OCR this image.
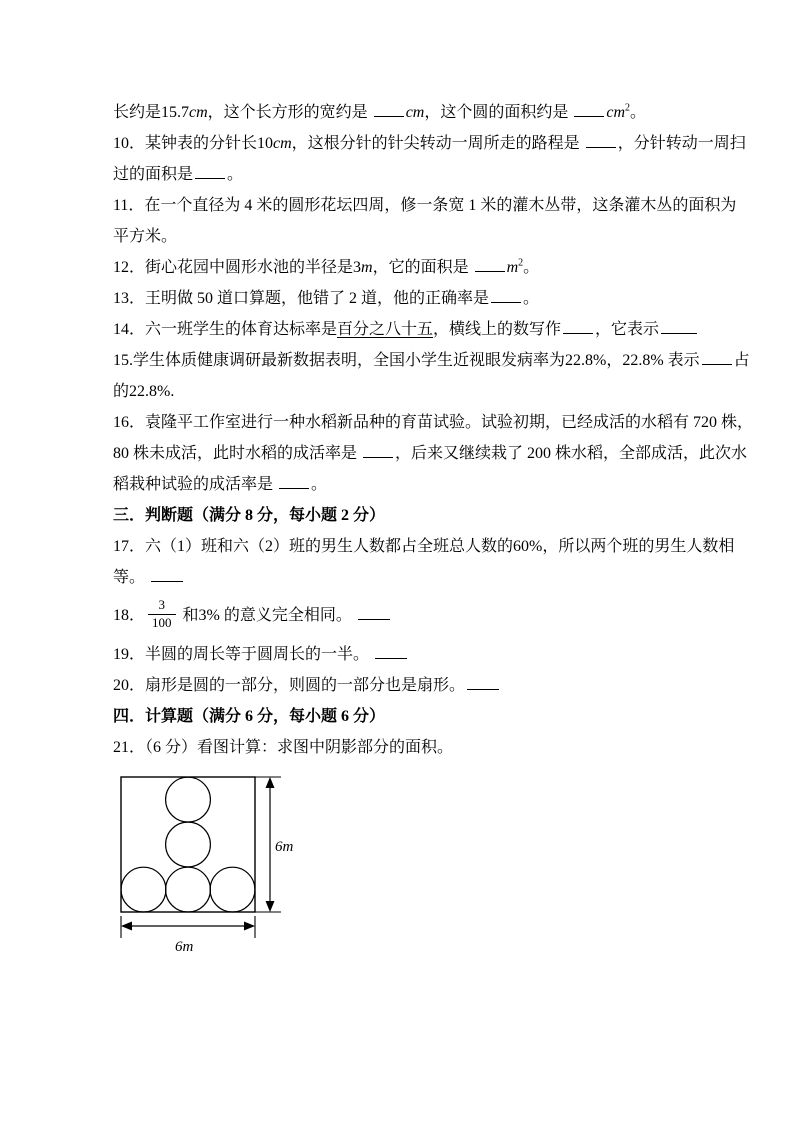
长约是15.7cm，这个长方形的宽约是 cm，这个圆的面积约是 $cm^2$。
10．某钟表的分针长10cm，这根分针的针尖转动一周所走的路程是 ，分针转动一周扫
过的面积是 。
11．在一个直径为 4 米的圆形花坛四周，修一条宽 1 米的灌木丛带，这条灌木丛的面积为
平方米。
12．街心花园中圆形水池的半径是3m，它的面积是 $m^2$。
13．王明做 50 道口算题，他错了 2 道，他的正确率是 。
14．六一班学生的体育达标率是百分之八十五，横线上的数写作 ，它表示
15.学生体质健康调研最新数据表明，全国小学生近视眼发病率为22.8%，22.8% 表示 占
的22.8%.
16．袁隆平工作室进行一种水稻新品种的育苗试验。试验初期，已经成活的水稻有 720 株，
80 株未成活，此时水稻的成活率是 ，后来又继续栽了 200 株水稻，全部成活，此次水
稻栽种试验的成活率是 。
三．判断题（满分 8 分，每小题 2 分）
17．六（1）班和六（2）班的男生人数都占全班总人数的60%，所以两个班的男生人数相
等。
18． $\frac{3}{100}$ 和3% 的意义完全相同。
19．半圆的周长等于圆周长的一半。
20．扇形是圆的一部分，则圆的一部分也是扇形。
四．计算题（满分 6 分，每小题 6 分）
21．（6 分）看图计算：求图中阴影部分的面积。
6m
6m
